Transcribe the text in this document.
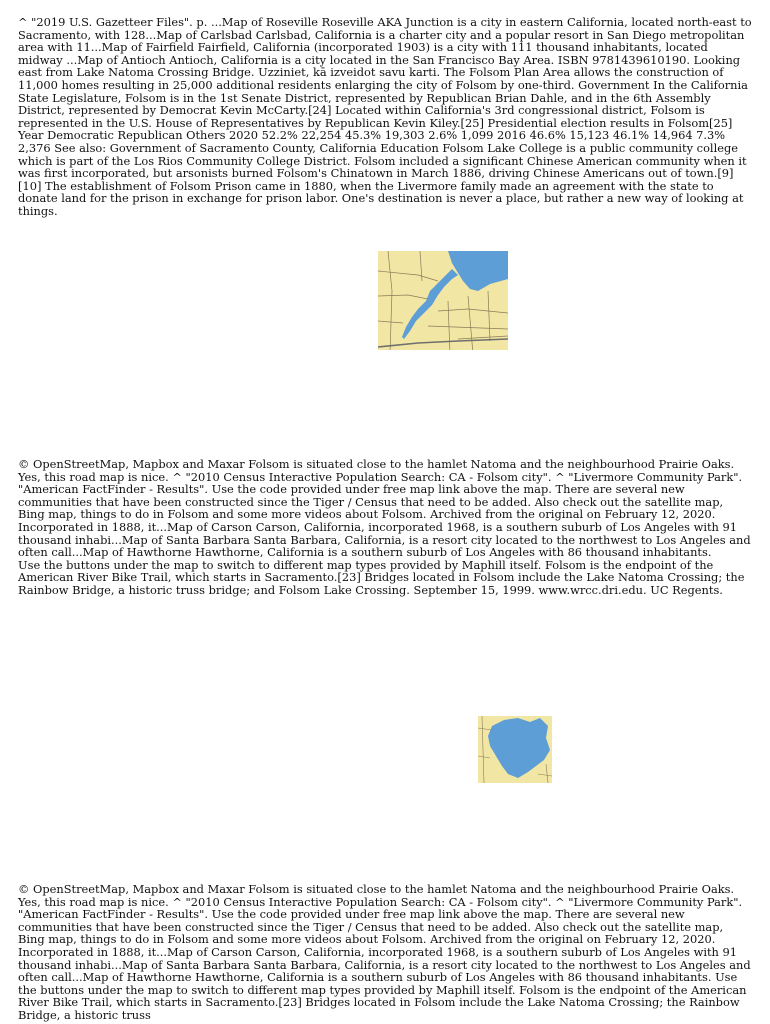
^ "2019 U.S. Gazetteer Files". p. ...Map of Roseville Roseville AKA Junction is a city in eastern California, located north-east to Sacramento, with 128...Map of Carlsbad Carlsbad, California is a charter city and a popular resort in San Diego metropolitan area with 11...Map of Fairfield Fairfield, California (incorporated 1903) is a city with 111 thousand inhabitants, located midway ...Map of Antioch Antioch, California is a city located in the San Francisco Bay Area. ISBN 9781439610190. Looking east from Lake Natoma Crossing Bridge. Uzziniet, kā izveidot savu karti. The Folsom Plan Area allows the construction of 11,000 homes resulting in 25,000 additional residents enlarging the city of Folsom by one-third. Government In the California State Legislature, Folsom is in the 1st Senate District, represented by Republican Brian Dahle, and in the 6th Assembly District, represented by Democrat Kevin McCarty.[24] Located within California's 3rd congressional district, Folsom is represented in the U.S. House of Representatives by Republican Kevin Kiley.[25] Presidential election results in Folsom[25] Year Democratic Republican Others 2020 52.2% 22,254 45.3% 19,303 2.6% 1,099 2016 46.6% 15,123 46.1% 14,964 7.3% 2,376 See also: Government of Sacramento County, California Education Folsom Lake College is a public community college which is part of the Los Rios Community College District. Folsom included a significant Chinese American community when it was first incorporated, but arsonists burned Folsom's Chinatown in March 1886, driving Chinese Americans out of town.[9][10] The establishment of Folsom Prison came in 1880, when the Livermore family made an agreement with the state to donate land for the prison in exchange for prison labor. One's destination is never a place, but rather a new way of looking at things.

© OpenStreetMap, Mapbox and Maxar Folsom is situated close to the hamlet Natoma and the neighbourhood Prairie Oaks. Yes, this road map is nice. ^ "2010 Census Interactive Population Search: CA - Folsom city". ^ "Livermore Community Park". "American FactFinder - Results". Use the code provided under free map link above the map. There are several new communities that have been constructed since the Tiger / Census that need to be added. Also check out the satellite map, Bing map, things to do in Folsom and some more videos about Folsom. Archived from the original on February 12, 2020. Incorporated in 1888, it...Map of Carson Carson, California, incorporated 1968, is a southern suburb of Los Angeles with 91 thousand inhabi...Map of Santa Barbara Santa Barbara, California, is a resort city located to the northwest to Los Angeles and often call...Map of Hawthorne Hawthorne, California is a southern suburb of Los Angeles with 86 thousand inhabitants.
Use the buttons under the map to switch to different map types provided by Maphill itself. Folsom is the endpoint of the American River Bike Trail, which starts in Sacramento.[23] Bridges located in Folsom include the Lake Natoma Crossing; the Rainbow Bridge, a historic truss bridge; and Folsom Lake Crossing. September 15, 1999. www.wrcc.dri.edu. UC Regents.

© OpenStreetMap, Mapbox and Maxar Folsom is situated close to the hamlet Natoma and the neighbourhood Prairie Oaks. Yes, this road map is nice. ^ "2010 Census Interactive Population Search: CA - Folsom city". ^ "Livermore Community Park". "American FactFinder - Results". Use the code provided under free map link above the map. There are several new communities that have been constructed since the Tiger / Census that need to be added. Also check out the satellite map, Bing map, things to do in Folsom and some more videos about Folsom. Archived from the original on February 12, 2020. Incorporated in 1888, it...Map of Carson Carson, California, incorporated 1968, is a southern suburb of Los Angeles with 91 thousand inhabi...Map of Santa Barbara Santa Barbara, California, is a resort city located to the northwest to Los Angeles and often call...Map of Hawthorne Hawthorne, California is a southern suburb of Los Angeles with 86 thousand inhabitants. Use the buttons under the map to switch to different map types provided by Maphill itself. Folsom is the endpoint of the American River Bike Trail, which starts in Sacramento.[23] Bridges located in Folsom include the Lake Natoma Crossing; the Rainbow Bridge, a historic truss
